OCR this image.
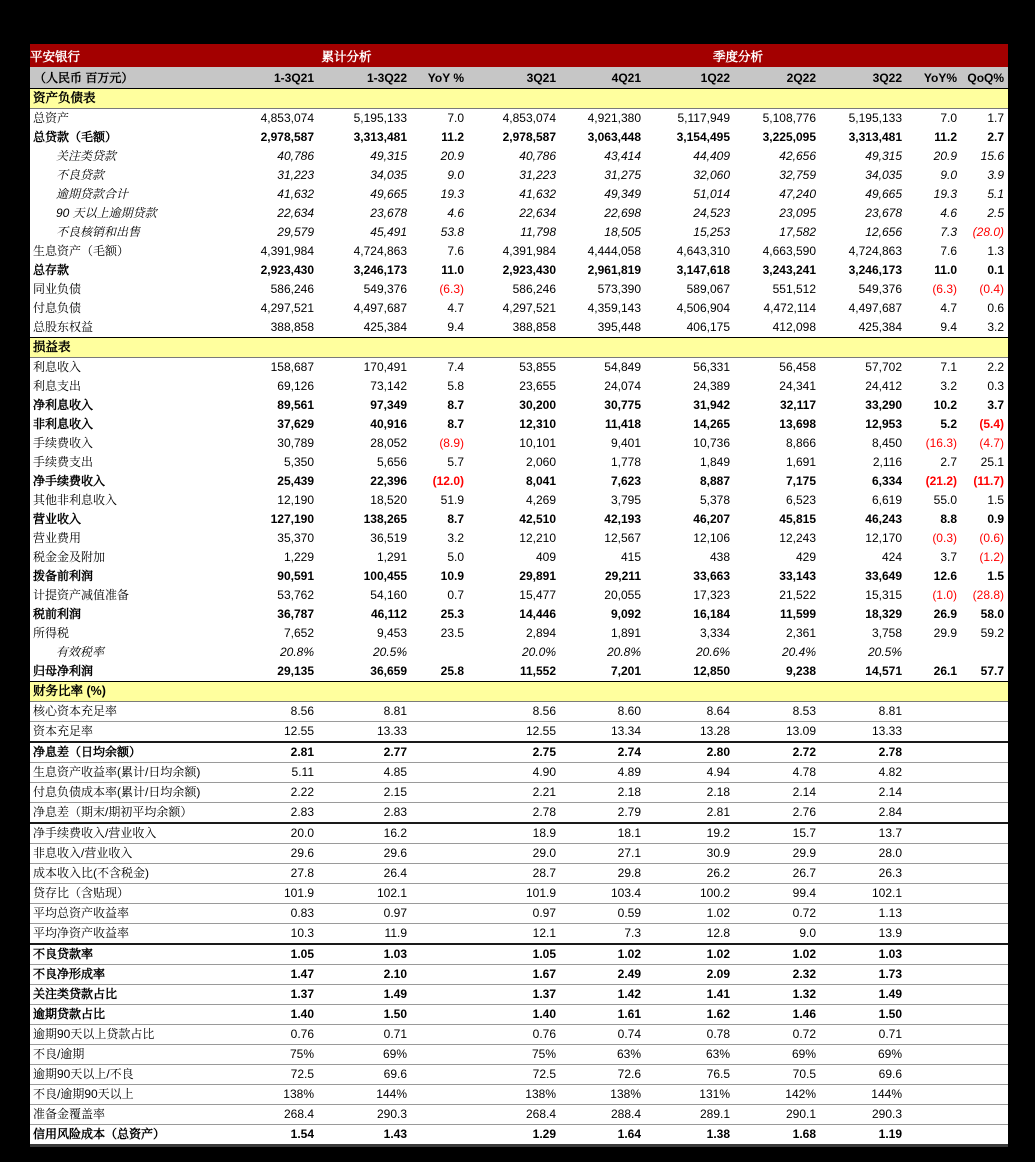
平安银行	累计分析			季度分析						
（人民币 百万元）	1-3Q21	1-3Q22	YoY %	3Q21	4Q21	1Q22	2Q22	3Q22	YoY%	QoQ%
资产负债表										
总资产	4,853,074	5,195,133	7.0	4,853,074	4,921,380	5,117,949	5,108,776	5,195,133	7.0	1.7
总贷款（毛额）	2,978,587	3,313,481	11.2	2,978,587	3,063,448	3,154,495	3,225,095	3,313,481	11.2	2.7
关注类贷款	40,786	49,315	20.9	40,786	43,414	44,409	42,656	49,315	20.9	15.6
不良贷款	31,223	34,035	9.0	31,223	31,275	32,060	32,759	34,035	9.0	3.9
逾期贷款合计	41,632	49,665	19.3	41,632	49,349	51,014	47,240	49,665	19.3	5.1
90 天以上逾期贷款	22,634	23,678	4.6	22,634	22,698	24,523	23,095	23,678	4.6	2.5
不良核销和出售	29,579	45,491	53.8	11,798	18,505	15,253	17,582	12,656	7.3	(28.0)
生息资产（毛额）	4,391,984	4,724,863	7.6	4,391,984	4,444,058	4,643,310	4,663,590	4,724,863	7.6	1.3
总存款	2,923,430	3,246,173	11.0	2,923,430	2,961,819	3,147,618	3,243,241	3,246,173	11.0	0.1
同业负债	586,246	549,376	(6.3)	586,246	573,390	589,067	551,512	549,376	(6.3)	(0.4)
付息负债	4,297,521	4,497,687	4.7	4,297,521	4,359,143	4,506,904	4,472,114	4,497,687	4.7	0.6
总股东权益	388,858	425,384	9.4	388,858	395,448	406,175	412,098	425,384	9.4	3.2
损益表										
利息收入	158,687	170,491	7.4	53,855	54,849	56,331	56,458	57,702	7.1	2.2
利息支出	69,126	73,142	5.8	23,655	24,074	24,389	24,341	24,412	3.2	0.3
净利息收入	89,561	97,349	8.7	30,200	30,775	31,942	32,117	33,290	10.2	3.7
非利息收入	37,629	40,916	8.7	12,310	11,418	14,265	13,698	12,953	5.2	(5.4)
手续费收入	30,789	28,052	(8.9)	10,101	9,401	10,736	8,866	8,450	(16.3)	(4.7)
手续费支出	5,350	5,656	5.7	2,060	1,778	1,849	1,691	2,116	2.7	25.1
净手续费收入	25,439	22,396	(12.0)	8,041	7,623	8,887	7,175	6,334	(21.2)	(11.7)
其他非利息收入	12,190	18,520	51.9	4,269	3,795	5,378	6,523	6,619	55.0	1.5
营业收入	127,190	138,265	8.7	42,510	42,193	46,207	45,815	46,243	8.8	0.9
营业费用	35,370	36,519	3.2	12,210	12,567	12,106	12,243	12,170	(0.3)	(0.6)
税金金及附加	1,229	1,291	5.0	409	415	438	429	424	3.7	(1.2)
拨备前利润	90,591	100,455	10.9	29,891	29,211	33,663	33,143	33,649	12.6	1.5
计提资产减值准备	53,762	54,160	0.7	15,477	20,055	17,323	21,522	15,315	(1.0)	(28.8)
税前利润	36,787	46,112	25.3	14,446	9,092	16,184	11,599	18,329	26.9	58.0
所得税	7,652	9,453	23.5	2,894	1,891	3,334	2,361	3,758	29.9	59.2
有效税率	20.8%	20.5%		20.0%	20.8%	20.6%	20.4%	20.5%		
归母净利润	29,135	36,659	25.8	11,552	7,201	12,850	9,238	14,571	26.1	57.7
财务比率 (%)										
核心资本充足率	8.56	8.81		8.56	8.60	8.64	8.53	8.81		
资本充足率	12.55	13.33		12.55	13.34	13.28	13.09	13.33		
净息差（日均余额）	2.81	2.77		2.75	2.74	2.80	2.72	2.78		
生息资产收益率(累计/日均余额)	5.11	4.85		4.90	4.89	4.94	4.78	4.82		
付息负债成本率(累计/日均余额)	2.22	2.15		2.21	2.18	2.18	2.14	2.14		
净息差（期末/期初平均余额）	2.83	2.83		2.78	2.79	2.81	2.76	2.84		
净手续费收入/营业收入	20.0	16.2		18.9	18.1	19.2	15.7	13.7		
非息收入/营业收入	29.6	29.6		29.0	27.1	30.9	29.9	28.0		
成本收入比(不含税金)	27.8	26.4		28.7	29.8	26.2	26.7	26.3		
贷存比（含贴现）	101.9	102.1		101.9	103.4	100.2	99.4	102.1		
平均总资产收益率	0.83	0.97		0.97	0.59	1.02	0.72	1.13		
平均净资产收益率	10.3	11.9		12.1	7.3	12.8	9.0	13.9		
不良贷款率	1.05	1.03		1.05	1.02	1.02	1.02	1.03		
不良净形成率	1.47	2.10		1.67	2.49	2.09	2.32	1.73		
关注类贷款占比	1.37	1.49		1.37	1.42	1.41	1.32	1.49		
逾期贷款占比	1.40	1.50		1.40	1.61	1.62	1.46	1.50		
逾期90天以上贷款占比	0.76	0.71		0.76	0.74	0.78	0.72	0.71		
不良/逾期	75%	69%		75%	63%	63%	69%	69%		
逾期90天以上/不良	72.5	69.6		72.5	72.6	76.5	70.5	69.6		
不良/逾期90天以上	138%	144%		138%	138%	131%	142%	144%		
准备金覆盖率	268.4	290.3		268.4	288.4	289.1	290.1	290.3		
信用风险成本（总资产）	1.54	1.43		1.29	1.64	1.38	1.68	1.19		
